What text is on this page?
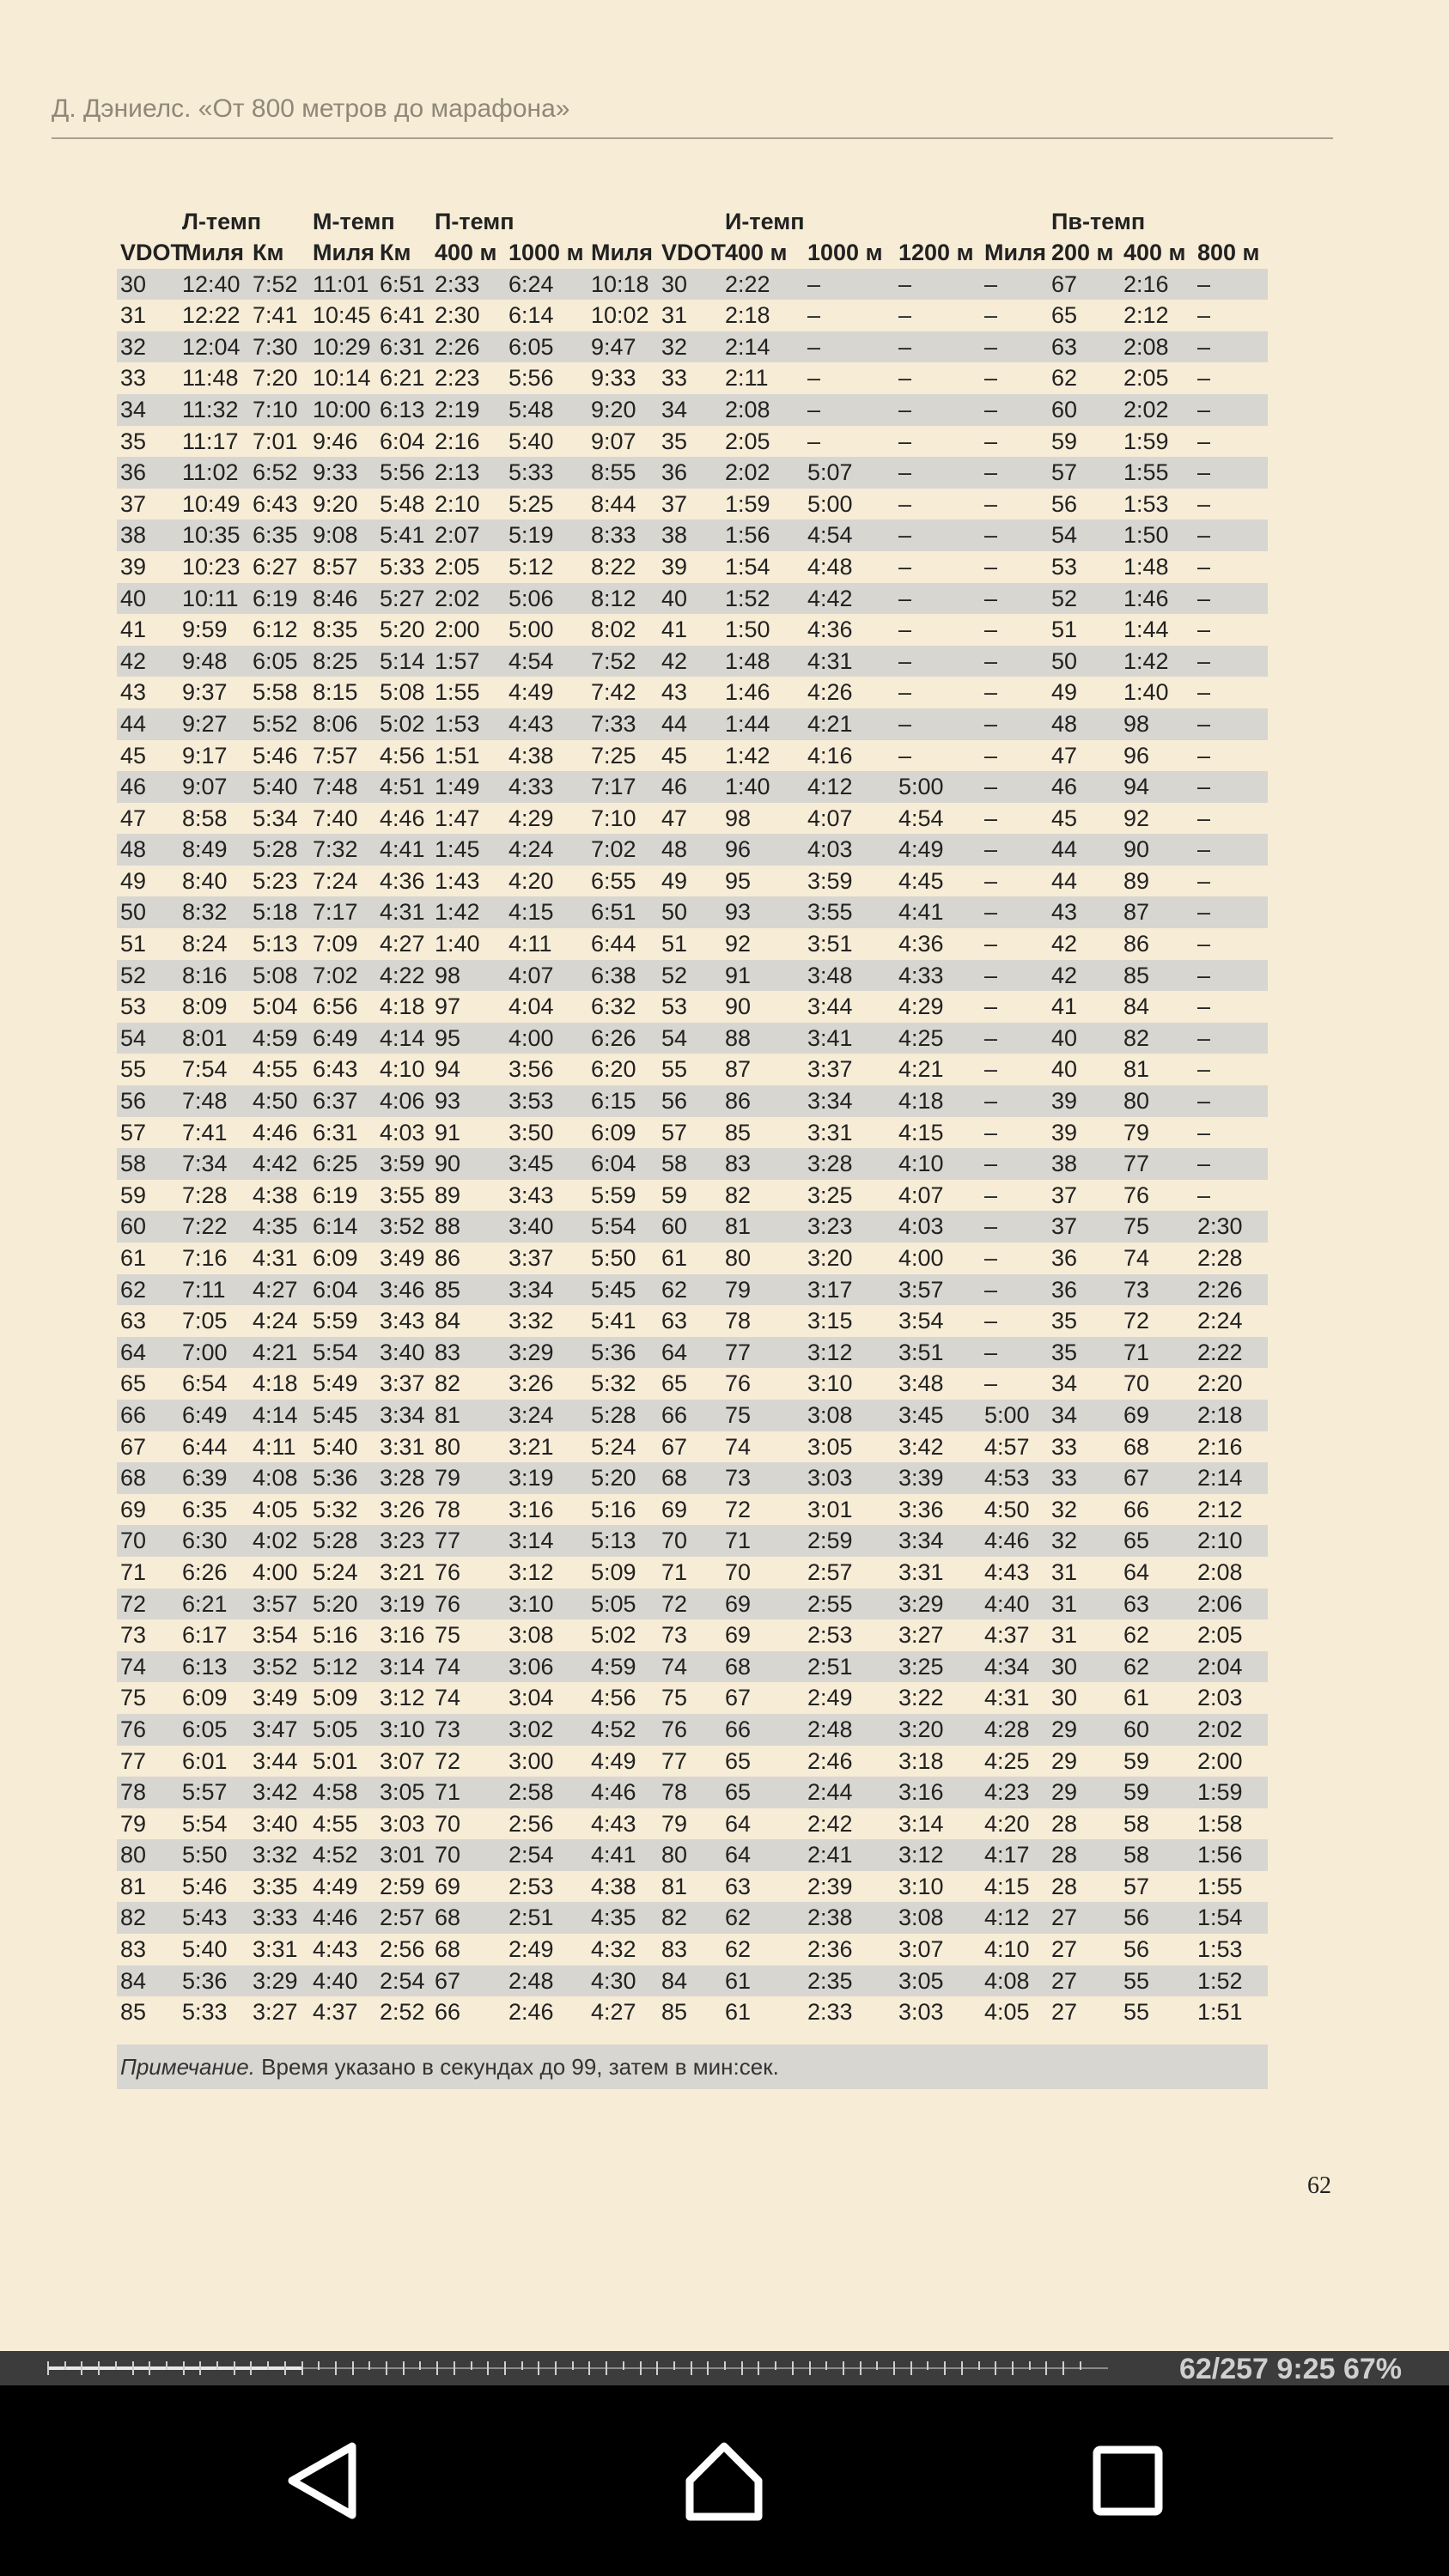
Д. Дэниелс. «От 800 метров до марафона»
	Л-темп		М-темп		П-темп				И-темп				Пв-темп		
VDOT	Миля	Км	Миля	Км	400 м	1000 м	Миля	VDOT	400 м	1000 м	1200 м	Миля	200 м	400 м	800 м
30	12:40	7:52	11:01	6:51	2:33	6:24	10:18	30	2:22	–	–	–	67	2:16	–
31	12:22	7:41	10:45	6:41	2:30	6:14	10:02	31	2:18	–	–	–	65	2:12	–
32	12:04	7:30	10:29	6:31	2:26	6:05	9:47	32	2:14	–	–	–	63	2:08	–
33	11:48	7:20	10:14	6:21	2:23	5:56	9:33	33	2:11	–	–	–	62	2:05	–
34	11:32	7:10	10:00	6:13	2:19	5:48	9:20	34	2:08	–	–	–	60	2:02	–
35	11:17	7:01	9:46	6:04	2:16	5:40	9:07	35	2:05	–	–	–	59	1:59	–
36	11:02	6:52	9:33	5:56	2:13	5:33	8:55	36	2:02	5:07	–	–	57	1:55	–
37	10:49	6:43	9:20	5:48	2:10	5:25	8:44	37	1:59	5:00	–	–	56	1:53	–
38	10:35	6:35	9:08	5:41	2:07	5:19	8:33	38	1:56	4:54	–	–	54	1:50	–
39	10:23	6:27	8:57	5:33	2:05	5:12	8:22	39	1:54	4:48	–	–	53	1:48	–
40	10:11	6:19	8:46	5:27	2:02	5:06	8:12	40	1:52	4:42	–	–	52	1:46	–
41	9:59	6:12	8:35	5:20	2:00	5:00	8:02	41	1:50	4:36	–	–	51	1:44	–
42	9:48	6:05	8:25	5:14	1:57	4:54	7:52	42	1:48	4:31	–	–	50	1:42	–
43	9:37	5:58	8:15	5:08	1:55	4:49	7:42	43	1:46	4:26	–	–	49	1:40	–
44	9:27	5:52	8:06	5:02	1:53	4:43	7:33	44	1:44	4:21	–	–	48	98	–
45	9:17	5:46	7:57	4:56	1:51	4:38	7:25	45	1:42	4:16	–	–	47	96	–
46	9:07	5:40	7:48	4:51	1:49	4:33	7:17	46	1:40	4:12	5:00	–	46	94	–
47	8:58	5:34	7:40	4:46	1:47	4:29	7:10	47	98	4:07	4:54	–	45	92	–
48	8:49	5:28	7:32	4:41	1:45	4:24	7:02	48	96	4:03	4:49	–	44	90	–
49	8:40	5:23	7:24	4:36	1:43	4:20	6:55	49	95	3:59	4:45	–	44	89	–
50	8:32	5:18	7:17	4:31	1:42	4:15	6:51	50	93	3:55	4:41	–	43	87	–
51	8:24	5:13	7:09	4:27	1:40	4:11	6:44	51	92	3:51	4:36	–	42	86	–
52	8:16	5:08	7:02	4:22	98	4:07	6:38	52	91	3:48	4:33	–	42	85	–
53	8:09	5:04	6:56	4:18	97	4:04	6:32	53	90	3:44	4:29	–	41	84	–
54	8:01	4:59	6:49	4:14	95	4:00	6:26	54	88	3:41	4:25	–	40	82	–
55	7:54	4:55	6:43	4:10	94	3:56	6:20	55	87	3:37	4:21	–	40	81	–
56	7:48	4:50	6:37	4:06	93	3:53	6:15	56	86	3:34	4:18	–	39	80	–
57	7:41	4:46	6:31	4:03	91	3:50	6:09	57	85	3:31	4:15	–	39	79	–
58	7:34	4:42	6:25	3:59	90	3:45	6:04	58	83	3:28	4:10	–	38	77	–
59	7:28	4:38	6:19	3:55	89	3:43	5:59	59	82	3:25	4:07	–	37	76	–
60	7:22	4:35	6:14	3:52	88	3:40	5:54	60	81	3:23	4:03	–	37	75	2:30
61	7:16	4:31	6:09	3:49	86	3:37	5:50	61	80	3:20	4:00	–	36	74	2:28
62	7:11	4:27	6:04	3:46	85	3:34	5:45	62	79	3:17	3:57	–	36	73	2:26
63	7:05	4:24	5:59	3:43	84	3:32	5:41	63	78	3:15	3:54	–	35	72	2:24
64	7:00	4:21	5:54	3:40	83	3:29	5:36	64	77	3:12	3:51	–	35	71	2:22
65	6:54	4:18	5:49	3:37	82	3:26	5:32	65	76	3:10	3:48	–	34	70	2:20
66	6:49	4:14	5:45	3:34	81	3:24	5:28	66	75	3:08	3:45	5:00	34	69	2:18
67	6:44	4:11	5:40	3:31	80	3:21	5:24	67	74	3:05	3:42	4:57	33	68	2:16
68	6:39	4:08	5:36	3:28	79	3:19	5:20	68	73	3:03	3:39	4:53	33	67	2:14
69	6:35	4:05	5:32	3:26	78	3:16	5:16	69	72	3:01	3:36	4:50	32	66	2:12
70	6:30	4:02	5:28	3:23	77	3:14	5:13	70	71	2:59	3:34	4:46	32	65	2:10
71	6:26	4:00	5:24	3:21	76	3:12	5:09	71	70	2:57	3:31	4:43	31	64	2:08
72	6:21	3:57	5:20	3:19	76	3:10	5:05	72	69	2:55	3:29	4:40	31	63	2:06
73	6:17	3:54	5:16	3:16	75	3:08	5:02	73	69	2:53	3:27	4:37	31	62	2:05
74	6:13	3:52	5:12	3:14	74	3:06	4:59	74	68	2:51	3:25	4:34	30	62	2:04
75	6:09	3:49	5:09	3:12	74	3:04	4:56	75	67	2:49	3:22	4:31	30	61	2:03
76	6:05	3:47	5:05	3:10	73	3:02	4:52	76	66	2:48	3:20	4:28	29	60	2:02
77	6:01	3:44	5:01	3:07	72	3:00	4:49	77	65	2:46	3:18	4:25	29	59	2:00
78	5:57	3:42	4:58	3:05	71	2:58	4:46	78	65	2:44	3:16	4:23	29	59	1:59
79	5:54	3:40	4:55	3:03	70	2:56	4:43	79	64	2:42	3:14	4:20	28	58	1:58
80	5:50	3:32	4:52	3:01	70	2:54	4:41	80	64	2:41	3:12	4:17	28	58	1:56
81	5:46	3:35	4:49	2:59	69	2:53	4:38	81	63	2:39	3:10	4:15	28	57	1:55
82	5:43	3:33	4:46	2:57	68	2:51	4:35	82	62	2:38	3:08	4:12	27	56	1:54
83	5:40	3:31	4:43	2:56	68	2:49	4:32	83	62	2:36	3:07	4:10	27	56	1:53
84	5:36	3:29	4:40	2:54	67	2:48	4:30	84	61	2:35	3:05	4:08	27	55	1:52
85	5:33	3:27	4:37	2:52	66	2:46	4:27	85	61	2:33	3:03	4:05	27	55	1:51
Примечание. Время указано в секундах до 99, затем в мин:сек.
62
62/257 9:25 67%
